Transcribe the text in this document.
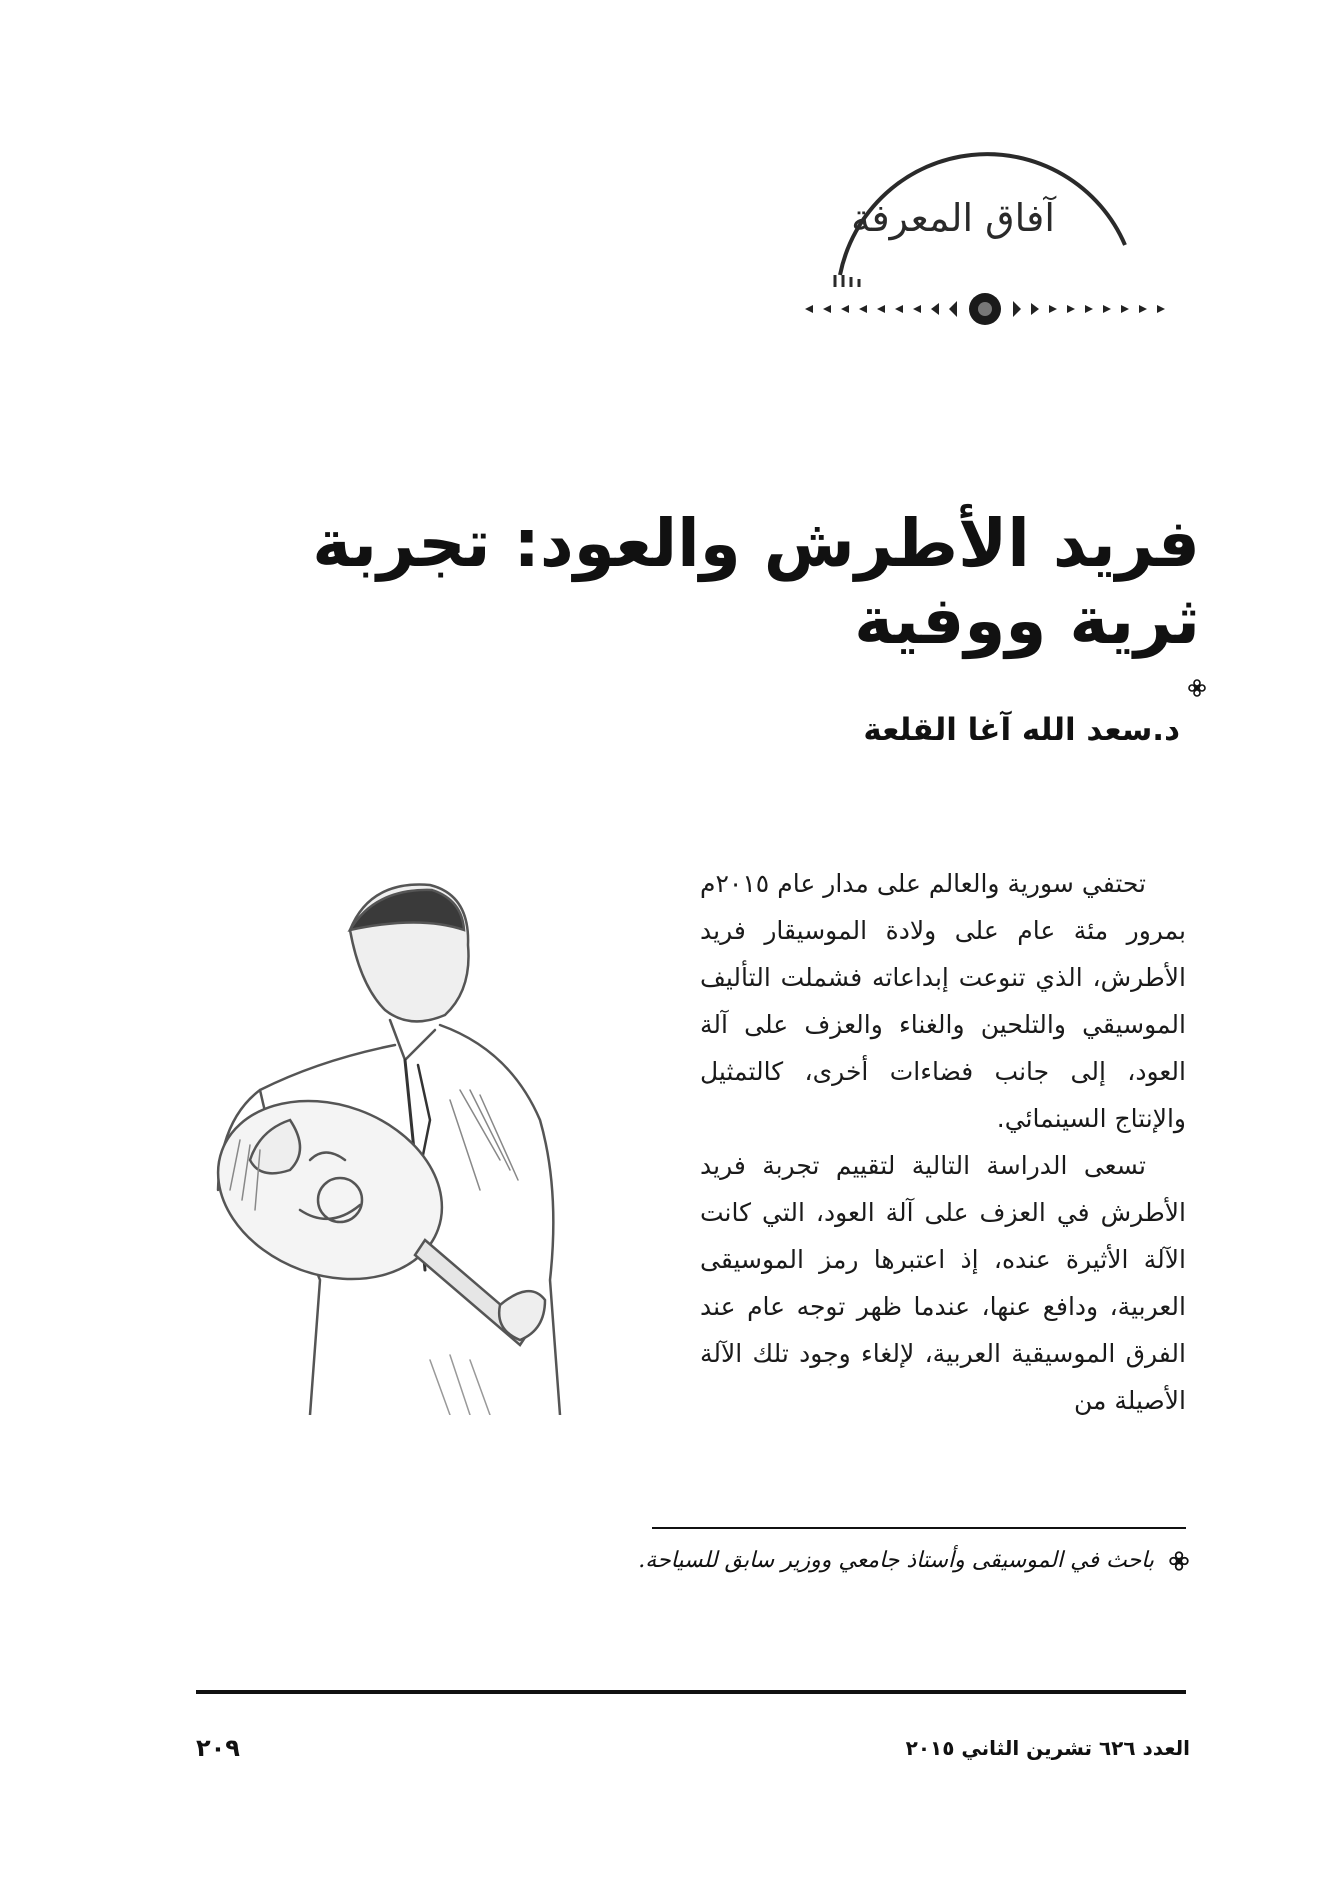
آفاق المعرفة
فريد الأطرش والعود: تجربة ثرية ووفية
د.سعد الله آغا القلعة

تحتفي سورية والعالم على مدار عام ٢٠١٥م بمرور مئة عام على ولادة الموسيقار فريد الأطرش، الذي تنوعت إبداعاته فشملت التأليف الموسيقي والتلحين والغناء والعزف على آلة العود، إلى جانب فضاءات أخرى، كالتمثيل والإنتاج السينمائي.

تسعى الدراسة التالية لتقييم تجربة فريد الأطرش في العزف على آلة العود، التي كانت الآلة الأثيرة عنده، إذ اعتبرها رمز الموسيقى العربية، ودافع عنها، عندما ظهر توجه عام عند الفرق الموسيقية العربية، لإلغاء وجود تلك الآلة الأصيلة من

باحث في الموسيقى وأستاذ جامعي ووزير سابق للسياحة.
العدد ٦٢٦ تشرين الثاني ٢٠١٥
٢٠٩
